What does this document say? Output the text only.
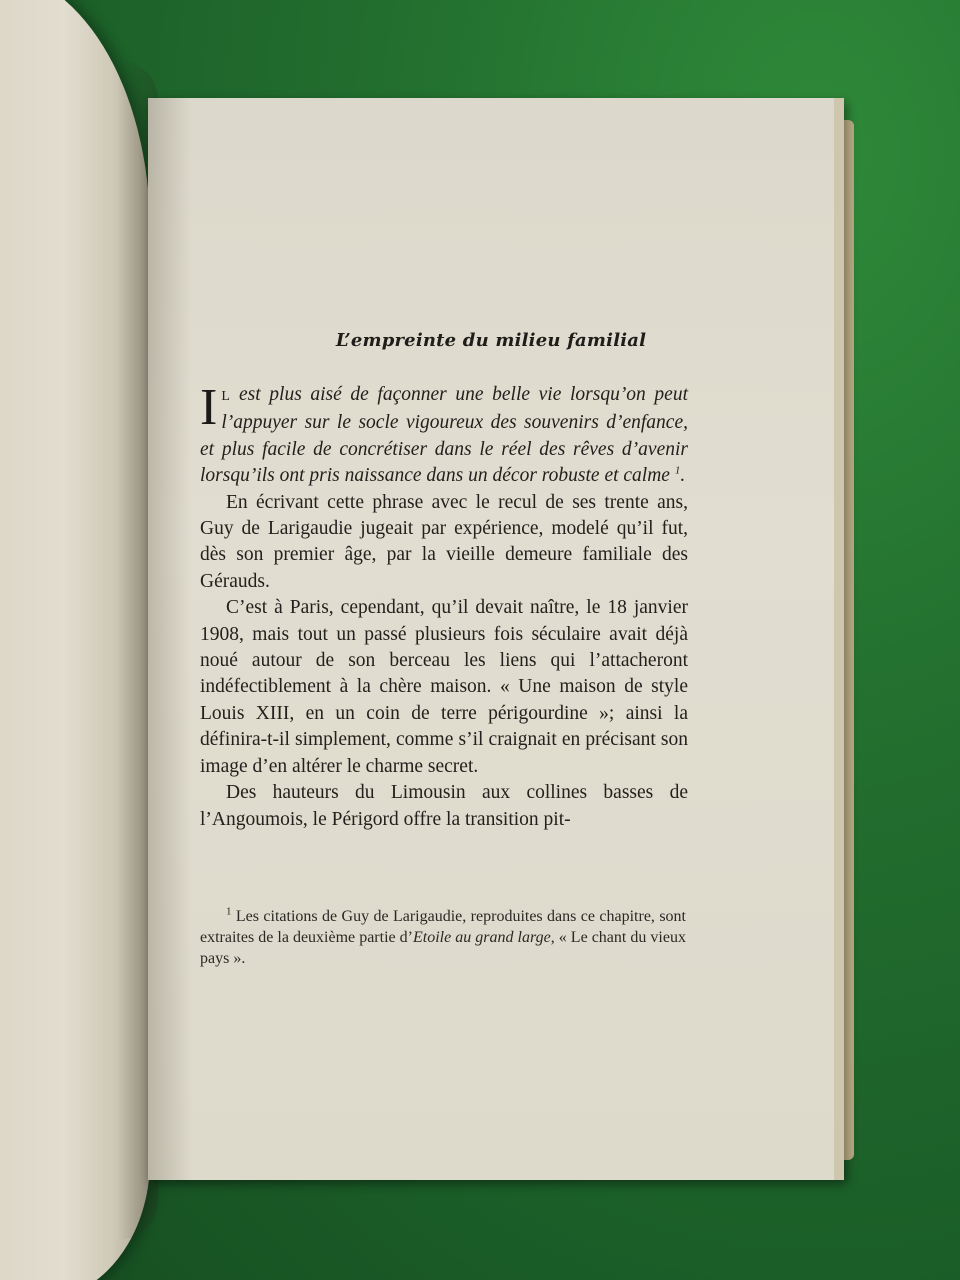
L’empreinte du milieu familial

I L est plus aisé de façonner une belle vie lorsqu’on peut l’appuyer sur le socle vigoureux des souvenirs d’enfance, et plus facile de concrétiser dans le réel des rêves d’avenir lorsqu’ils ont pris naissance dans un décor robuste et calme $^1$.

En écrivant cette phrase avec le recul de ses trente ans, Guy de Larigaudie jugeait par expérience, modelé qu’il fut, dès son premier âge, par la vieille demeure familiale des Gérauds.

C’est à Paris, cependant, qu’il devait naître, le 18 janvier 1908, mais tout un passé plusieurs fois séculaire avait déjà noué autour de son berceau les liens qui l’attacheront indéfectiblement à la chère maison. « Une maison de style Louis XIII, en un coin de terre périgourdine »; ainsi la définira-t-il simplement, comme s’il craignait en précisant son image d’en altérer le charme secret.

Des hauteurs du Limousin aux collines basses de l’Angoumois, le Périgord offre la transition pit-

$^1$ Les citations de Guy de Larigaudie, reproduites dans ce chapitre, sont extraites de la deuxième partie d’Etoile au grand large, « Le chant du vieux pays ».
